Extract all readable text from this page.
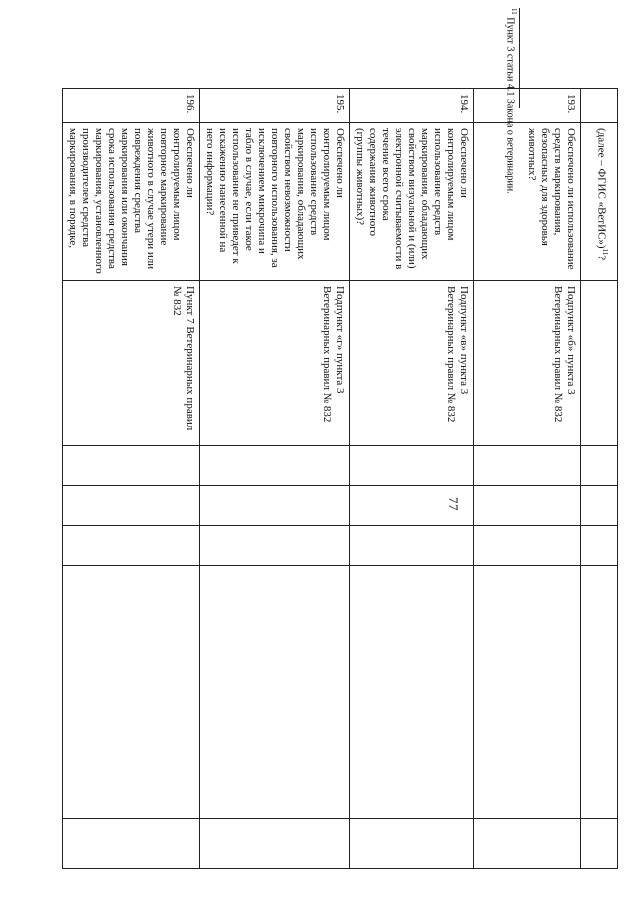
	(далее – ФГИС «ВетИС»)$^{11}$?						
193.	Обеспечено ли использование средств маркирования, безопасных для здоровья животных?	Подпункт «б» пункта 3 Ветеринарных правил № 832					
194.	Обеспечено ли контролируемым лицом использование средств маркирования, обладающих свойством визуальной и (или) электронной считываемости в течение всего срока содержания животного (группы животных)?	Подпункт «в» пункта 3 Ветеринарных правил № 832					
195.	Обеспечено ли контролируемым лицом использование средств маркирования, обладающих свойством невозможности повторного использования, за исключением микрочипа и табло в случае, если такое использование не приведет к искажению нанесенной на него информации?	Подпункт «г» пункта 3 Ветеринарных правил № 832					
196.	Обеспечено ли контролируемым лицом повторное маркирование животного в случае утери или повреждения средства маркирования или окончания срока использования средства маркирования, установленного производителем средства маркирования, в порядке,	Пункт 7 Ветеринарных правил № 832					
$^{11}$ Пункт 3 статьи 4.1 Закона о ветеринарии.
77
